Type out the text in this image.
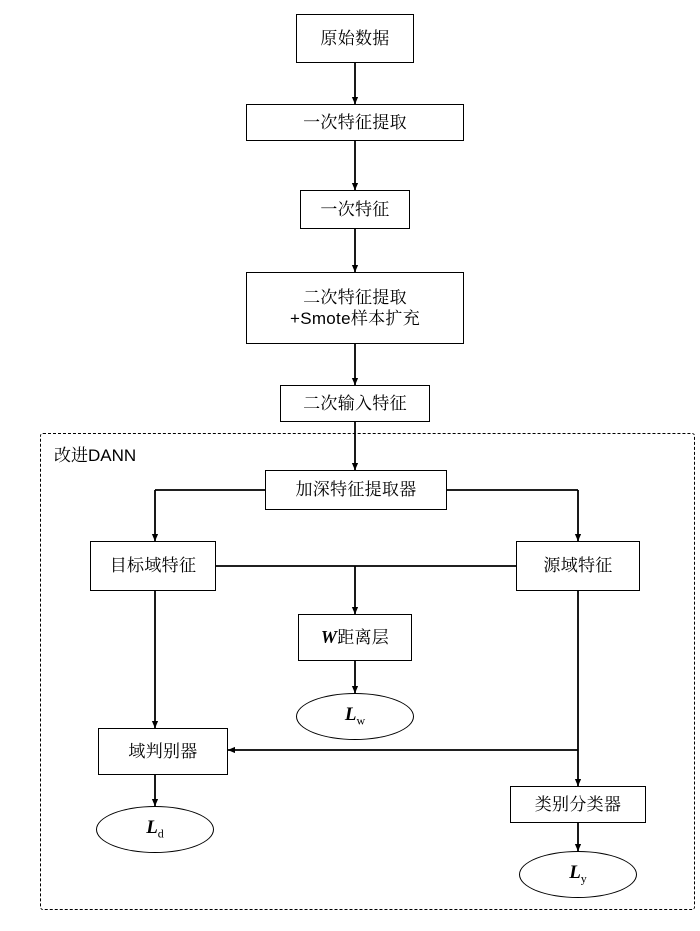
改进DANN
原始数据
一次特征提取
一次特征
二次特征提取
+Smote样本扩充
二次输入特征
加深特征提取器
目标域特征	源域特征
W距离层
域判别器
类别分类器
$L_w$
$L_d$
$L_y$
